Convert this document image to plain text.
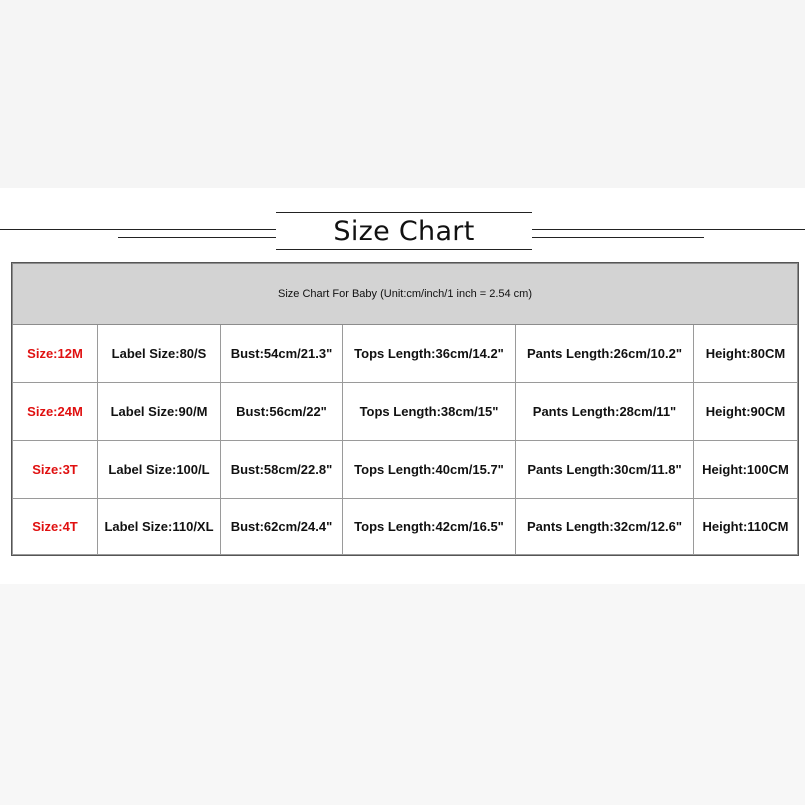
Size Chart
Size Chart For Baby (Unit:cm/inch/1 inch = 2.54 cm)					
Size:12M	Label Size:80/S	Bust:54cm/21.3"	Tops Length:36cm/14.2"	Pants Length:26cm/10.2"	Height:80CM
Size:24M	Label Size:90/M	Bust:56cm/22"	Tops Length:38cm/15"	Pants Length:28cm/11"	Height:90CM
Size:3T	Label Size:100/L	Bust:58cm/22.8"	Tops Length:40cm/15.7"	Pants Length:30cm/11.8"	Height:100CM
Size:4T	Label Size:110/XL	Bust:62cm/24.4"	Tops Length:42cm/16.5"	Pants Length:32cm/12.6"	Height:110CM
